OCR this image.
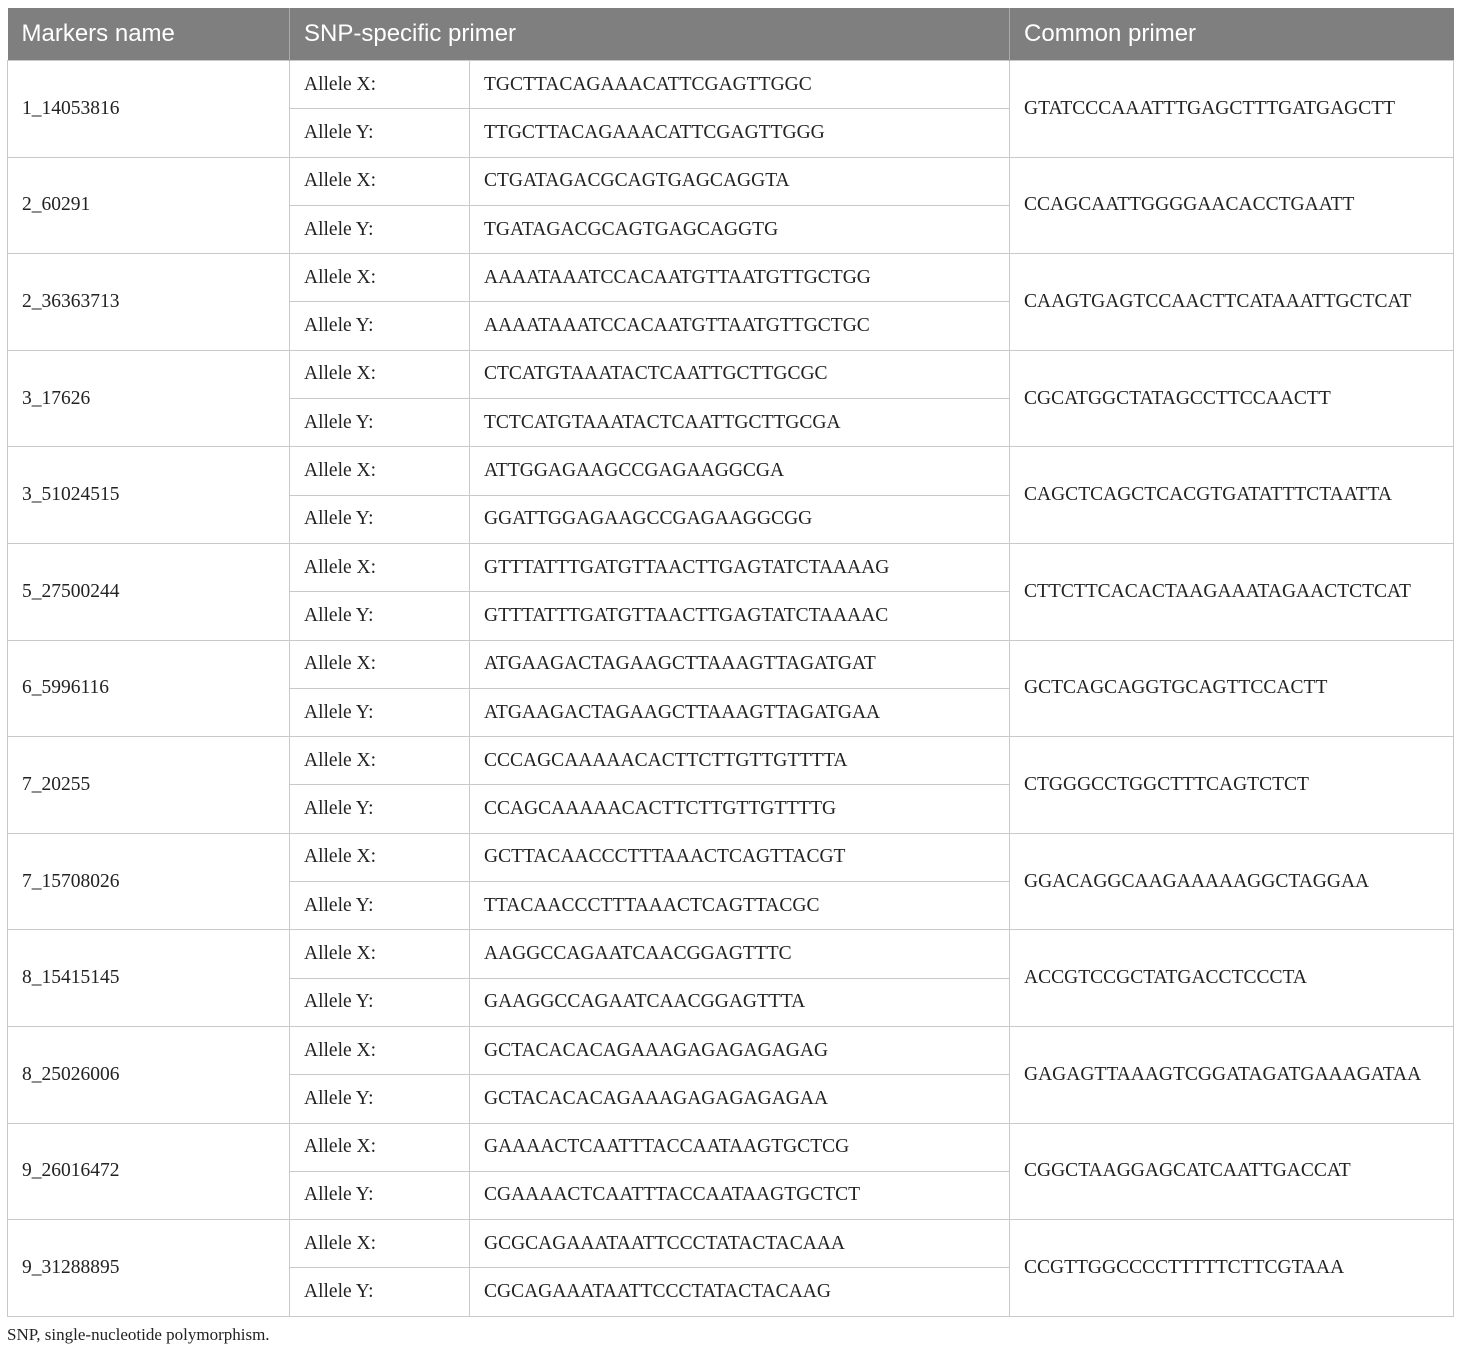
Markers name	SNP-specific primer		Common primer
1_14053816	Allele X:	TGCTTACAGAAACATTCGAGTTGGC	GTATCCCAAATTTGAGCTTTGATGAGCTT
	Allele Y:	TTGCTTACAGAAACATTCGAGTTGGG	
2_60291	Allele X:	CTGATAGACGCAGTGAGCAGGTA	CCAGCAATTGGGGAACACCTGAATT
	Allele Y:	TGATAGACGCAGTGAGCAGGTG	
2_36363713	Allele X:	AAAATAAATCCACAATGTTAATGTTGCTGG	CAAGTGAGTCCAACTTCATAAATTGCTCAT
	Allele Y:	AAAATAAATCCACAATGTTAATGTTGCTGC	
3_17626	Allele X:	CTCATGTAAATACTCAATTGCTTGCGC	CGCATGGCTATAGCCTTCCAACTT
	Allele Y:	TCTCATGTAAATACTCAATTGCTTGCGA	
3_51024515	Allele X:	ATTGGAGAAGCCGAGAAGGCGA	CAGCTCAGCTCACGTGATATTTCTAATTA
	Allele Y:	GGATTGGAGAAGCCGAGAAGGCGG	
5_27500244	Allele X:	GTTTATTTGATGTTAACTTGAGTATCTAAAAG	CTTCTTCACACTAAGAAATAGAACTCTCAT
	Allele Y:	GTTTATTTGATGTTAACTTGAGTATCTAAAAC	
6_5996116	Allele X:	ATGAAGACTAGAAGCTTAAAGTTAGATGAT	GCTCAGCAGGTGCAGTTCCACTT
	Allele Y:	ATGAAGACTAGAAGCTTAAAGTTAGATGAA	
7_20255	Allele X:	CCCAGCAAAAACACTTCTTGTTGTTTTA	CTGGGCCTGGCTTTCAGTCTCT
	Allele Y:	CCAGCAAAAACACTTCTTGTTGTTTTG	
7_15708026	Allele X:	GCTTACAACCCTTTAAACTCAGTTACGT	GGACAGGCAAGAAAAAGGCTAGGAA
	Allele Y:	TTACAACCCTTTAAACTCAGTTACGC	
8_15415145	Allele X:	AAGGCCAGAATCAACGGAGTTTC	ACCGTCCGCTATGACCTCCCTA
	Allele Y:	GAAGGCCAGAATCAACGGAGTTTA	
8_25026006	Allele X:	GCTACACACAGAAAGAGAGAGAGAG	GAGAGTTAAAGTCGGATAGATGAAAGATAA
	Allele Y:	GCTACACACAGAAAGAGAGAGAGAA	
9_26016472	Allele X:	GAAAACTCAATTTACCAATAAGTGCTCG	CGGCTAAGGAGCATCAATTGACCAT
	Allele Y:	CGAAAACTCAATTTACCAATAAGTGCTCT	
9_31288895	Allele X:	GCGCAGAAATAATTCCCTATACTACAAA	CCGTTGGCCCCTTTTTCTTCGTAAA
	Allele Y:	CGCAGAAATAATTCCCTATACTACAAG	
SNP, single-nucleotide polymorphism.
